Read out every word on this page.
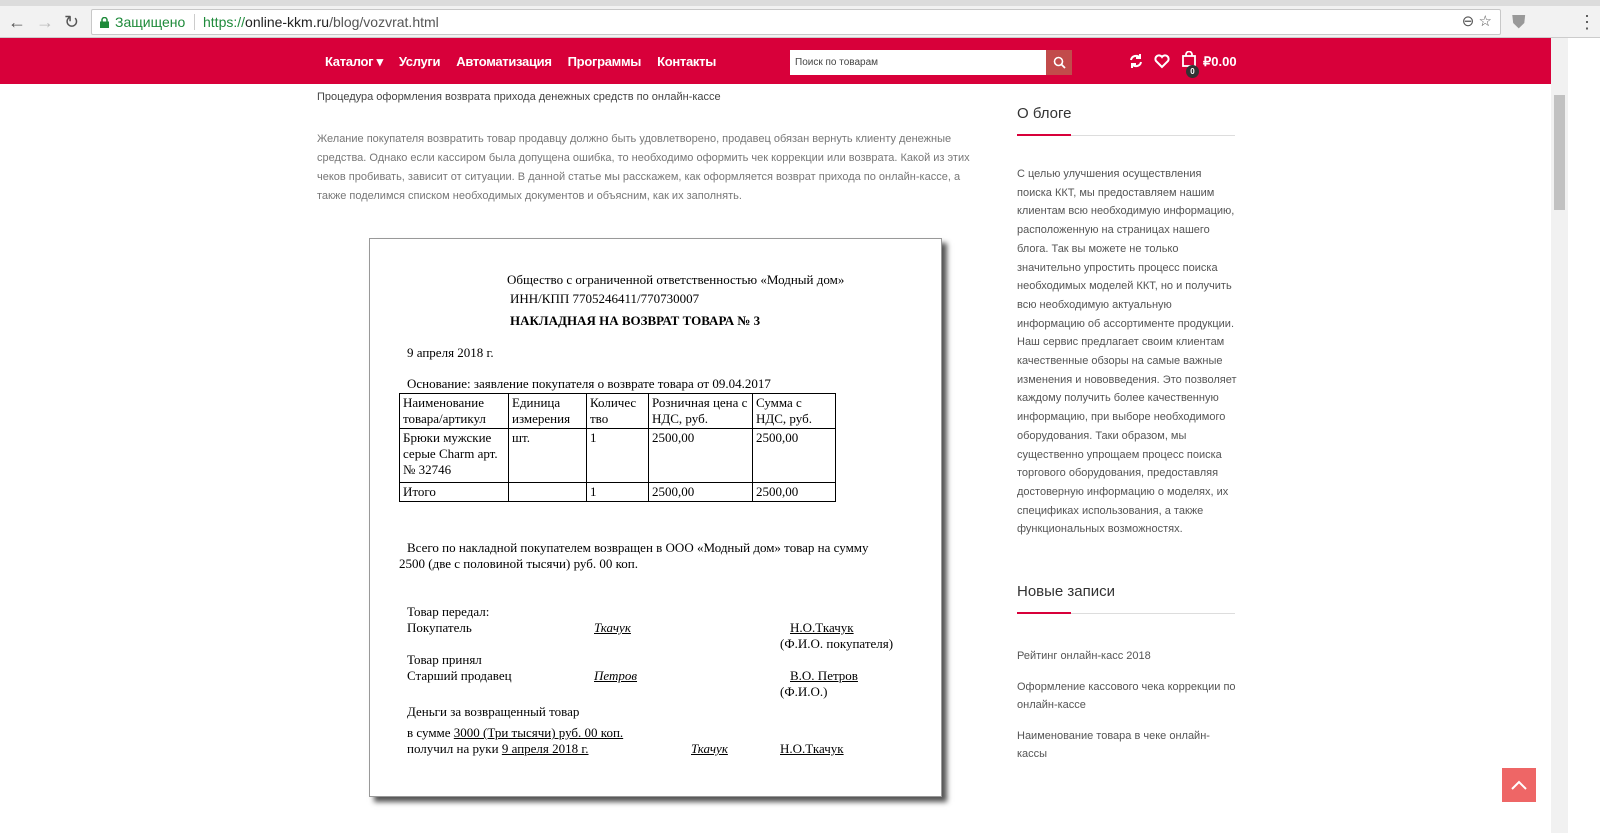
← → ↻	Защищено https://online-kkm.ru/blog/vozvrat.html	⊖ ☆ ⛊	⋮
Каталог ▾ Услуги Автоматизация Программы Контакты	Поиск по товарам
0
₽0.00
Процедура оформления возврата прихода денежных средств по онлайн-кассе

Желание покупателя возвратить товар продавцу должно быть удовлетворено, продавец обязан вернуть клиенту денежные средства. Однако если кассиром была допущена ошибка, то необходимо оформить чек коррекции или возврата. Какой из этих чеков пробивать, зависит от ситуации. В данной статье мы расскажем, как оформляется возврат прихода по онлайн-кассе, а также поделимся списком необходимых документов и объясним, как их заполнять.

Общество с ограниченной ответственностью «Модный дом»
ИНН/КПП 7705246411/770730007
НАКЛАДНАЯ НА ВОЗВРАТ ТОВАРА № 3
9 апреля 2018 г.
Основание: заявление покупателя о возврате товара от 09.04.2017
Наименование товара/артикул	Единица измерения	Количес тво	Розничная цена с НДС, руб.	Сумма с НДС, руб.
Брюки мужские серые Charm арт. № 32746	шт.	1	2500,00	2500,00
Итого		1	2500,00	2500,00
Всего по накладной покупателем возвращен в ООО «Модный дом» товар на сумму
2500 (две с половиной тысячи) руб. 00 коп.
Товар передал:
Покупатель	Ткачук	Н.О.Ткачук
(Ф.И.О. покупателя)
Товар принял
Старший продавец	Петров	В.О. Петров
(Ф.И.О.)
Деньги за возвращенный товар
в сумме 3000 (Три тысячи) руб. 00 коп.
получил на руки 9 апреля 2018 г.	Ткачук	Н.О.Ткачук
О блоге

С целью улучшения осуществления поиска ККТ, мы предоставляем нашим клиентам всю необходимую информацию, расположенную на страницах нашего блога. Так вы можете не только значительно упростить процесс поиска необходимых моделей ККТ, но и получить всю необходимую актуальную информацию об ассортименте продукции. Наш сервис предлагает своим клиентам качественные обзоры на самые важные изменения и нововведения. Это позволяет каждому получить более качественную информацию, при выборе необходимого оборудования. Таки образом, мы существенно упрощаем процесс поиска торгового оборудования, предоставляя достоверную информацию о моделях, их спецификах использования, а также функциональных возможностях.

Новые записи
Рейтинг онлайн-касс 2018
Оформление кассового чека коррекции по онлайн-кассе
Наименование товара в чеке онлайн-кассы
